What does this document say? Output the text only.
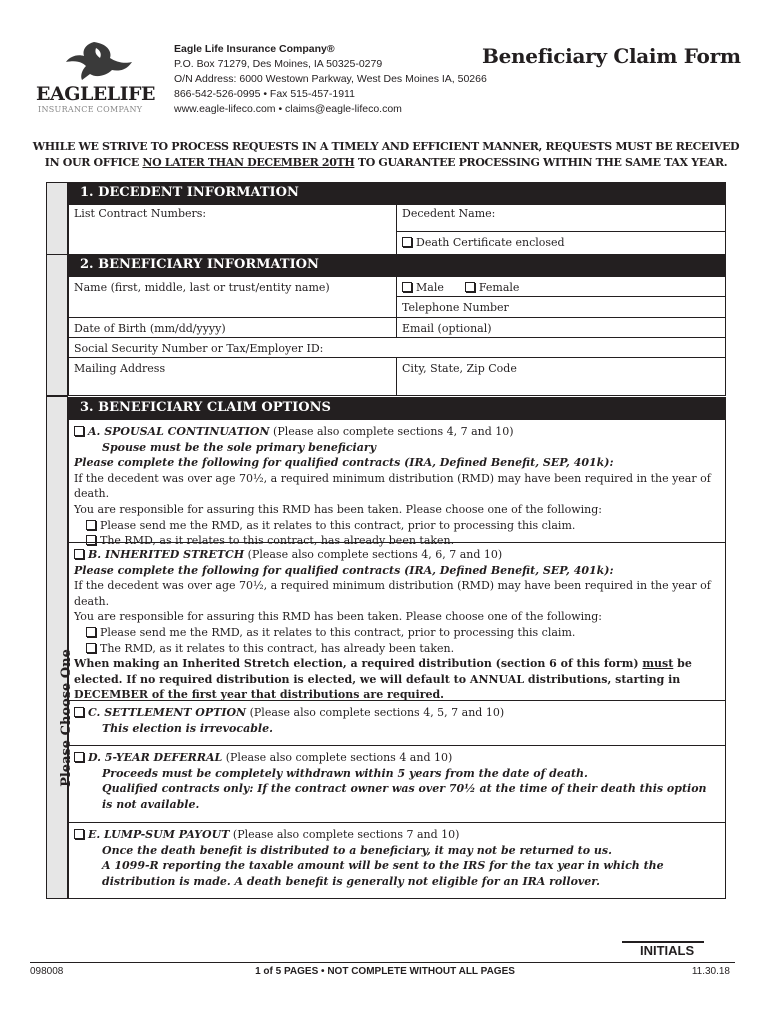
EAGLELIFE
INSURANCE COMPANY
Eagle Life Insurance Company®
P.O. Box 71279, Des Moines, IA 50325-0279
O/N Address: 6000 Westown Parkway, West Des Moines IA, 50266
866-542-526-0995 • Fax 515-457-1911
www.eagle-lifeco.com • claims@eagle-lifeco.com
Beneficiary Claim Form
WHILE WE STRIVE TO PROCESS REQUESTS IN A TIMELY AND EFFICIENT MANNER, REQUESTS MUST BE RECEIVED
IN OUR OFFICE NO LATER THAN DECEMBER 20TH TO GUARANTEE PROCESSING WITHIN THE SAME TAX YEAR.
1. DECEDENT INFORMATION
List Contract Numbers:	Decedent Name:
Death Certificate enclosed
2. BENEFICIARY INFORMATION
Name (first, middle, last or trust/entity name)	Male	Female
Telephone Number
Date of Birth (mm/dd/yyyy)	Email (optional)
Social Security Number or Tax/Employer ID:
Mailing Address	City, State, Zip Code
Please Choose One
3. BENEFICIARY CLAIM OPTIONS
A. SPOUSAL CONTINUATION (Please also complete sections 4, 7 and 10)
Spouse must be the sole primary beneficiary
Please complete the following for qualified contracts (IRA, Defined Benefit, SEP, 401k):
If the decedent was over age 70½, a required minimum distribution (RMD) may have been required in the year of death.
You are responsible for assuring this RMD has been taken. Please choose one of the following:
Please send me the RMD, as it relates to this contract, prior to processing this claim.
The RMD, as it relates to this contract, has already been taken.
B. INHERITED STRETCH (Please also complete sections 4, 6, 7 and 10)
Please complete the following for qualified contracts (IRA, Defined Benefit, SEP, 401k):
If the decedent was over age 70½, a required minimum distribution (RMD) may have been required in the year of death.
You are responsible for assuring this RMD has been taken. Please choose one of the following:
Please send me the RMD, as it relates to this contract, prior to processing this claim.
The RMD, as it relates to this contract, has already been taken.
When making an Inherited Stretch election, a required distribution (section 6 of this form) must be elected. If no required distribution is elected, we will default to ANNUAL distributions, starting in DECEMBER of the first year that distributions are required.
C. SETTLEMENT OPTION (Please also complete sections 4, 5, 7 and 10)
This election is irrevocable.
D. 5-YEAR DEFERRAL (Please also complete sections 4 and 10)
Proceeds must be completely withdrawn within 5 years from the date of death.
Qualified contracts only: If the contract owner was over 70½ at the time of their death this option is not available.
E. LUMP-SUM PAYOUT (Please also complete sections 7 and 10)
Once the death benefit is distributed to a beneficiary, it may not be returned to us.
A 1099-R reporting the taxable amount will be sent to the IRS for the tax year in which the distribution is made. A death benefit is generally not eligible for an IRA rollover.
INITIALS
098008	1 of 5 PAGES • NOT COMPLETE WITHOUT ALL PAGES	11.30.18
